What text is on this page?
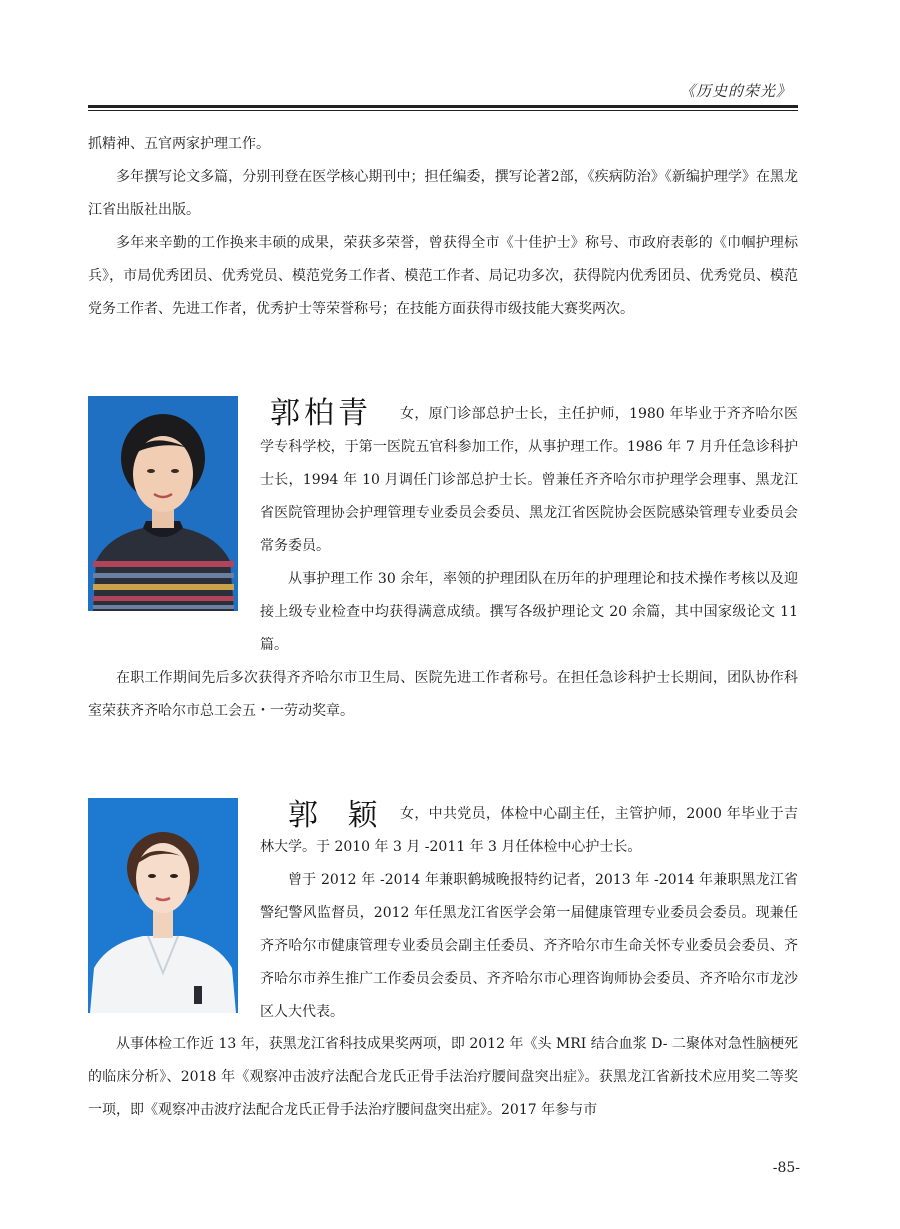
《历史的荣光》

抓精神、五官两家护理工作。

多年撰写论文多篇，分别刊登在医学核心期刊中；担任编委，撰写论著2部，《疾病防治》《新编护理学》在黑龙江省出版社出版。

多年来辛勤的工作换来丰硕的成果，荣获多荣誉，曾获得全市《十佳护士》称号、市政府表彰的《巾帼护理标兵》，市局优秀团员、优秀党员、模范党务工作者、模范工作者、局记功多次，获得院内优秀团员、优秀党员、模范党务工作者、先进工作者，优秀护士等荣誉称号；在技能方面获得市级技能大赛奖两次。

郭柏青	女，原门诊部总护士长，主任护师，1980 年毕业于齐齐哈尔医学专科学校，于第一医院五官科参加工作，从事护理工作。1986 年 7 月升任急诊科护士长，1994 年 10 月调任门诊部总护士长。曾兼任齐齐哈尔市护理学会理事、黑龙江省医院管理协会护理管理专业委员会委员、黑龙江省医院协会医院感染管理专业委员会常务委员。

从事护理工作 30 余年，率领的护理团队在历年的护理理论和技术操作考核以及迎接上级专业检查中均获得满意成绩。撰写各级护理论文 20 余篇，其中国家级论文 11 篇。

在职工作期间先后多次获得齐齐哈尔市卫生局、医院先进工作者称号。在担任急诊科护士长期间，团队协作科室荣获齐齐哈尔市总工会五・一劳动奖章。

郭 颖 女，中共党员，体检中心副主任，主管护师，2000 年毕业于吉林大学。于 2010 年 3 月 -2011 年 3 月任体检中心护士长。

曾于 2012 年 -2014 年兼职鹤城晚报特约记者，2013 年 -2014 年兼职黑龙江省警纪警风监督员，2012 年任黑龙江省医学会第一届健康管理专业委员会委员。现兼任齐齐哈尔市健康管理专业委员会副主任委员、齐齐哈尔市生命关怀专业委员会委员、齐齐哈尔市养生推广工作委员会委员、齐齐哈尔市心理咨询师协会委员、齐齐哈尔市龙沙区人大代表。

从事体检工作近 13 年，获黑龙江省科技成果奖两项，即 2012 年《头 MRI 结合血浆 D- 二聚体对急性脑梗死的临床分析》、2018 年《观察冲击波疗法配合龙氏正骨手法治疗腰间盘突出症》。获黑龙江省新技术应用奖二等奖一项，即《观察冲击波疗法配合龙氏正骨手法治疗腰间盘突出症》。2017 年参与市

-85-
